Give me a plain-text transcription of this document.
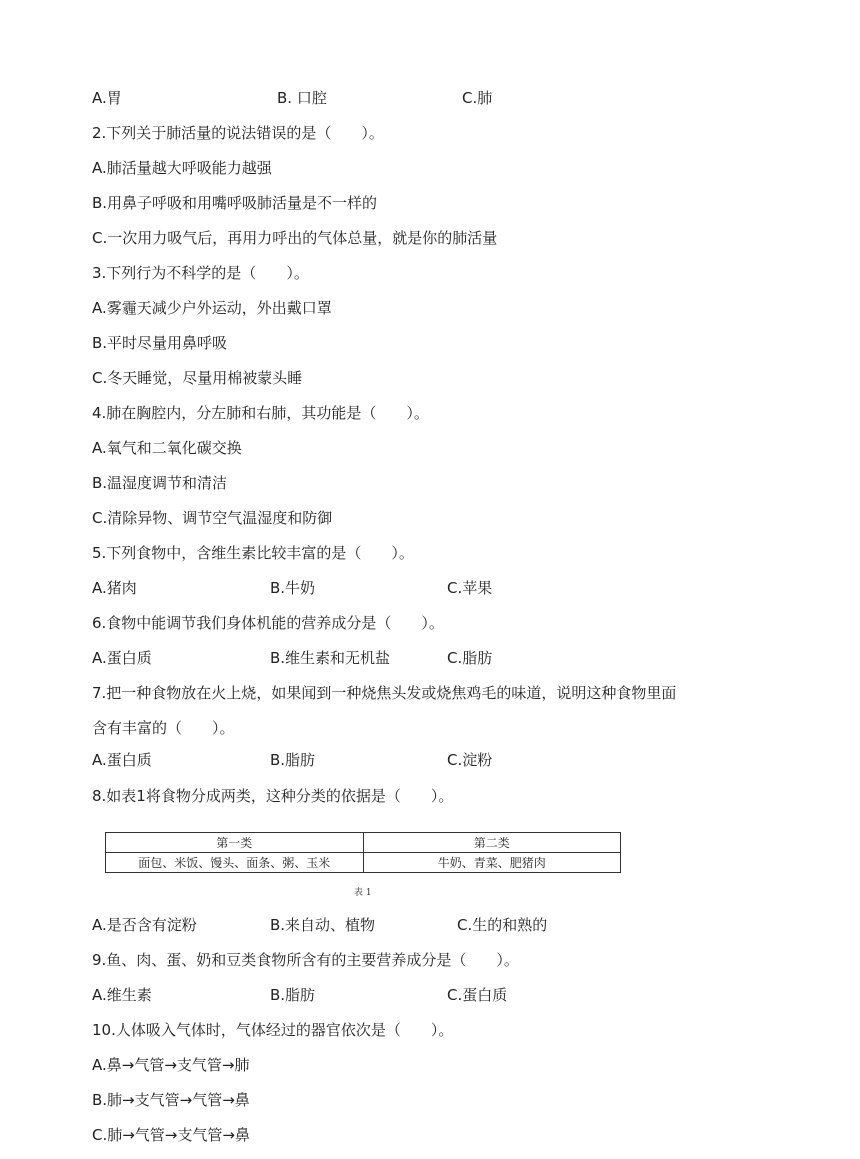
A.胃	B. 口腔	C.肺
2.下列关于肺活量的说法错误的是（　　）。
A.肺活量越大呼吸能力越强
B.用鼻子呼吸和用嘴呼吸肺活量是不一样的
C.一次用力吸气后，再用力呼出的气体总量，就是你的肺活量
3.下列行为不科学的是（　　）。
A.雾霾天减少户外运动，外出戴口罩
B.平时尽量用鼻呼吸
C.冬天睡觉，尽量用棉被蒙头睡
4.肺在胸腔内，分左肺和右肺，其功能是（　　）。
A.氧气和二氧化碳交换
B.温湿度调节和清洁
C.清除异物、调节空气温湿度和防御
5.下列食物中，含维生素比较丰富的是（　　）。
A.猪肉	B.牛奶	C.苹果
6.食物中能调节我们身体机能的营养成分是（　　）。
A.蛋白质	B.维生素和无机盐	C.脂肪
7.把一种食物放在火上烧，如果闻到一种烧焦头发或烧焦鸡毛的味道，说明这种食物里面
含有丰富的（　　）。
A.蛋白质	B.脂肪	C.淀粉
8.如表1将食物分成两类，这种分类的依据是（　　）。
第一类	第二类
面包、米饭、馒头、面条、粥、玉米	牛奶、青菜、肥猪肉
表 1
A.是否含有淀粉	B.来自动、植物	C.生的和熟的
9.鱼、肉、蛋、奶和豆类食物所含有的主要营养成分是（　　）。
A.维生素	B.脂肪	C.蛋白质
10.人体吸入气体时，气体经过的器官依次是（　　）。
A.鼻→气管→支气管→肺
B.肺→支气管→气管→鼻
C.肺→气管→支气管→鼻
